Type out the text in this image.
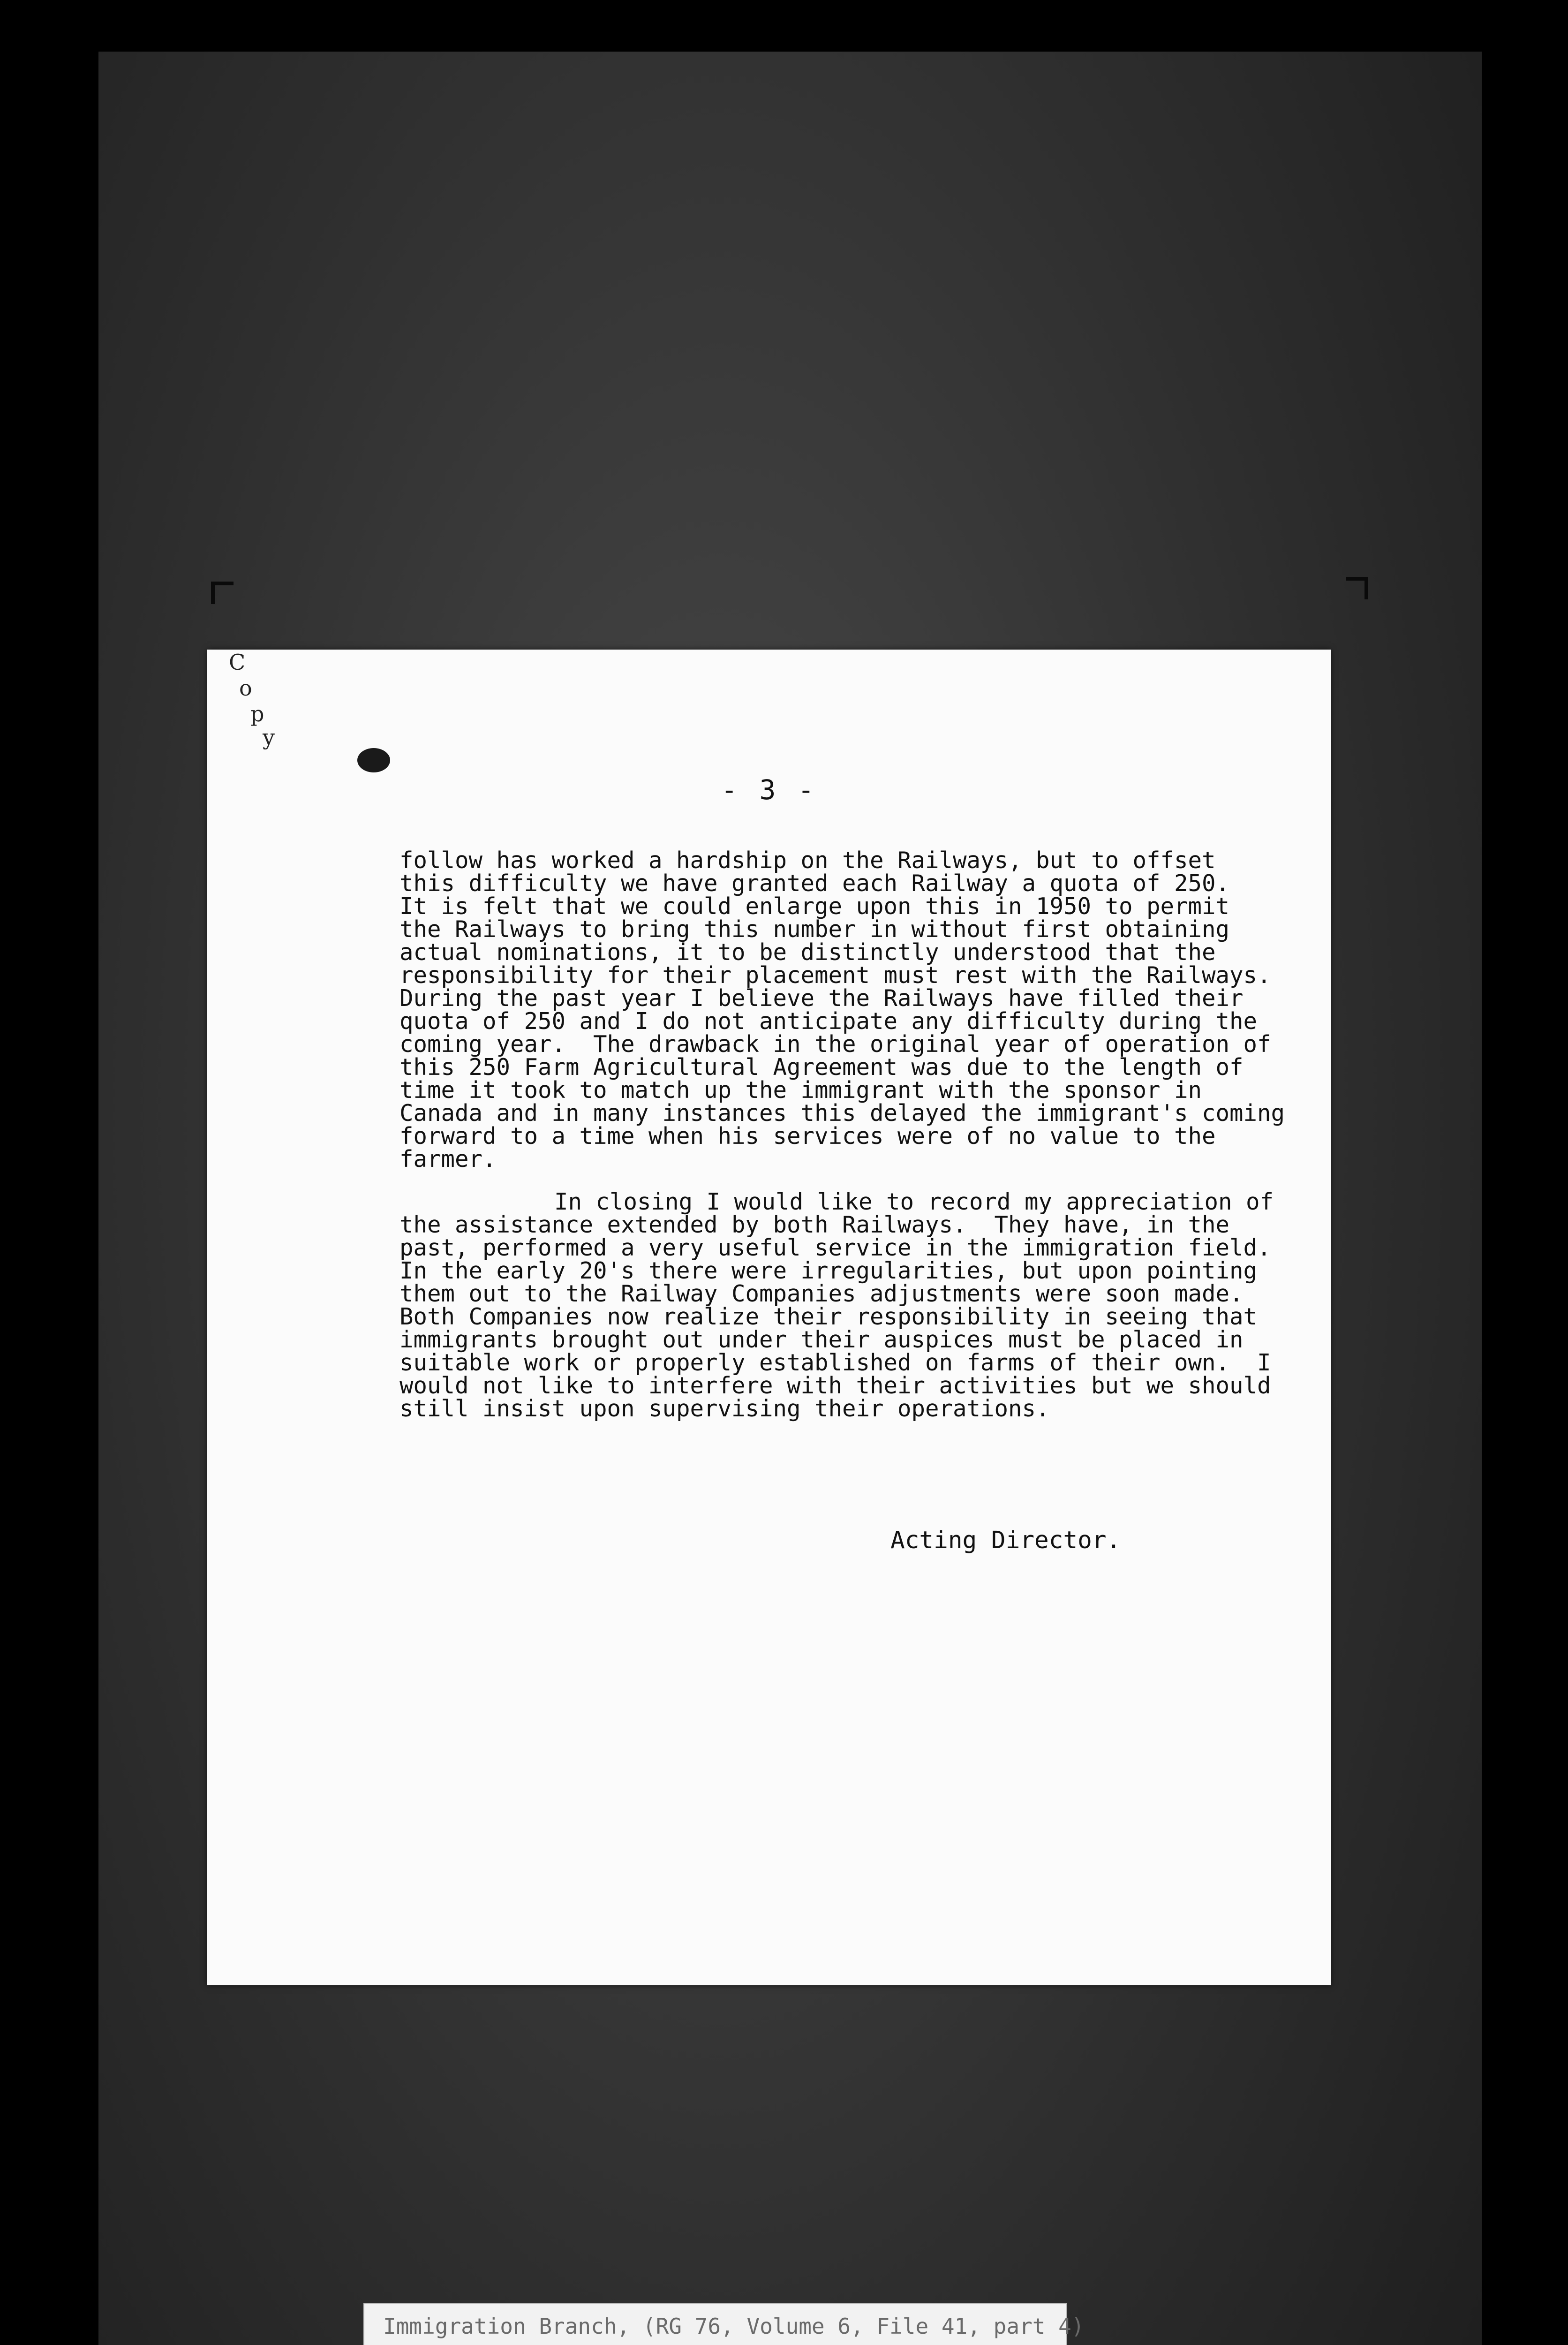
C
o
p
y
- 3 -
follow has worked a hardship on the Railways, but to offset
this difficulty we have granted each Railway a quota of 250.
It is felt that we could enlarge upon this in 1950 to permit
the Railways to bring this number in without first obtaining
actual nominations, it to be distinctly understood that the
responsibility for their placement must rest with the Railways.
During the past year I believe the Railways have filled their
quota of 250 and I do not anticipate any difficulty during the
coming year.  The drawback in the original year of operation of
this 250 Farm Agricultural Agreement was due to the length of
time it took to match up the immigrant with the sponsor in
Canada and in many instances this delayed the immigrant's coming
forward to a time when his services were of no value to the
farmer.
In closing I would like to record my appreciation of
the assistance extended by both Railways.  They have, in the
past, performed a very useful service in the immigration field.
In the early 20's there were irregularities, but upon pointing
them out to the Railway Companies adjustments were soon made.
Both Companies now realize their responsibility in seeing that
immigrants brought out under their auspices must be placed in
suitable work or properly established on farms of their own.  I
would not like to interfere with their activities but we should
still insist upon supervising their operations.
Acting Director.
Immigration Branch, (RG 76, Volume 6, File 41, part 4)
